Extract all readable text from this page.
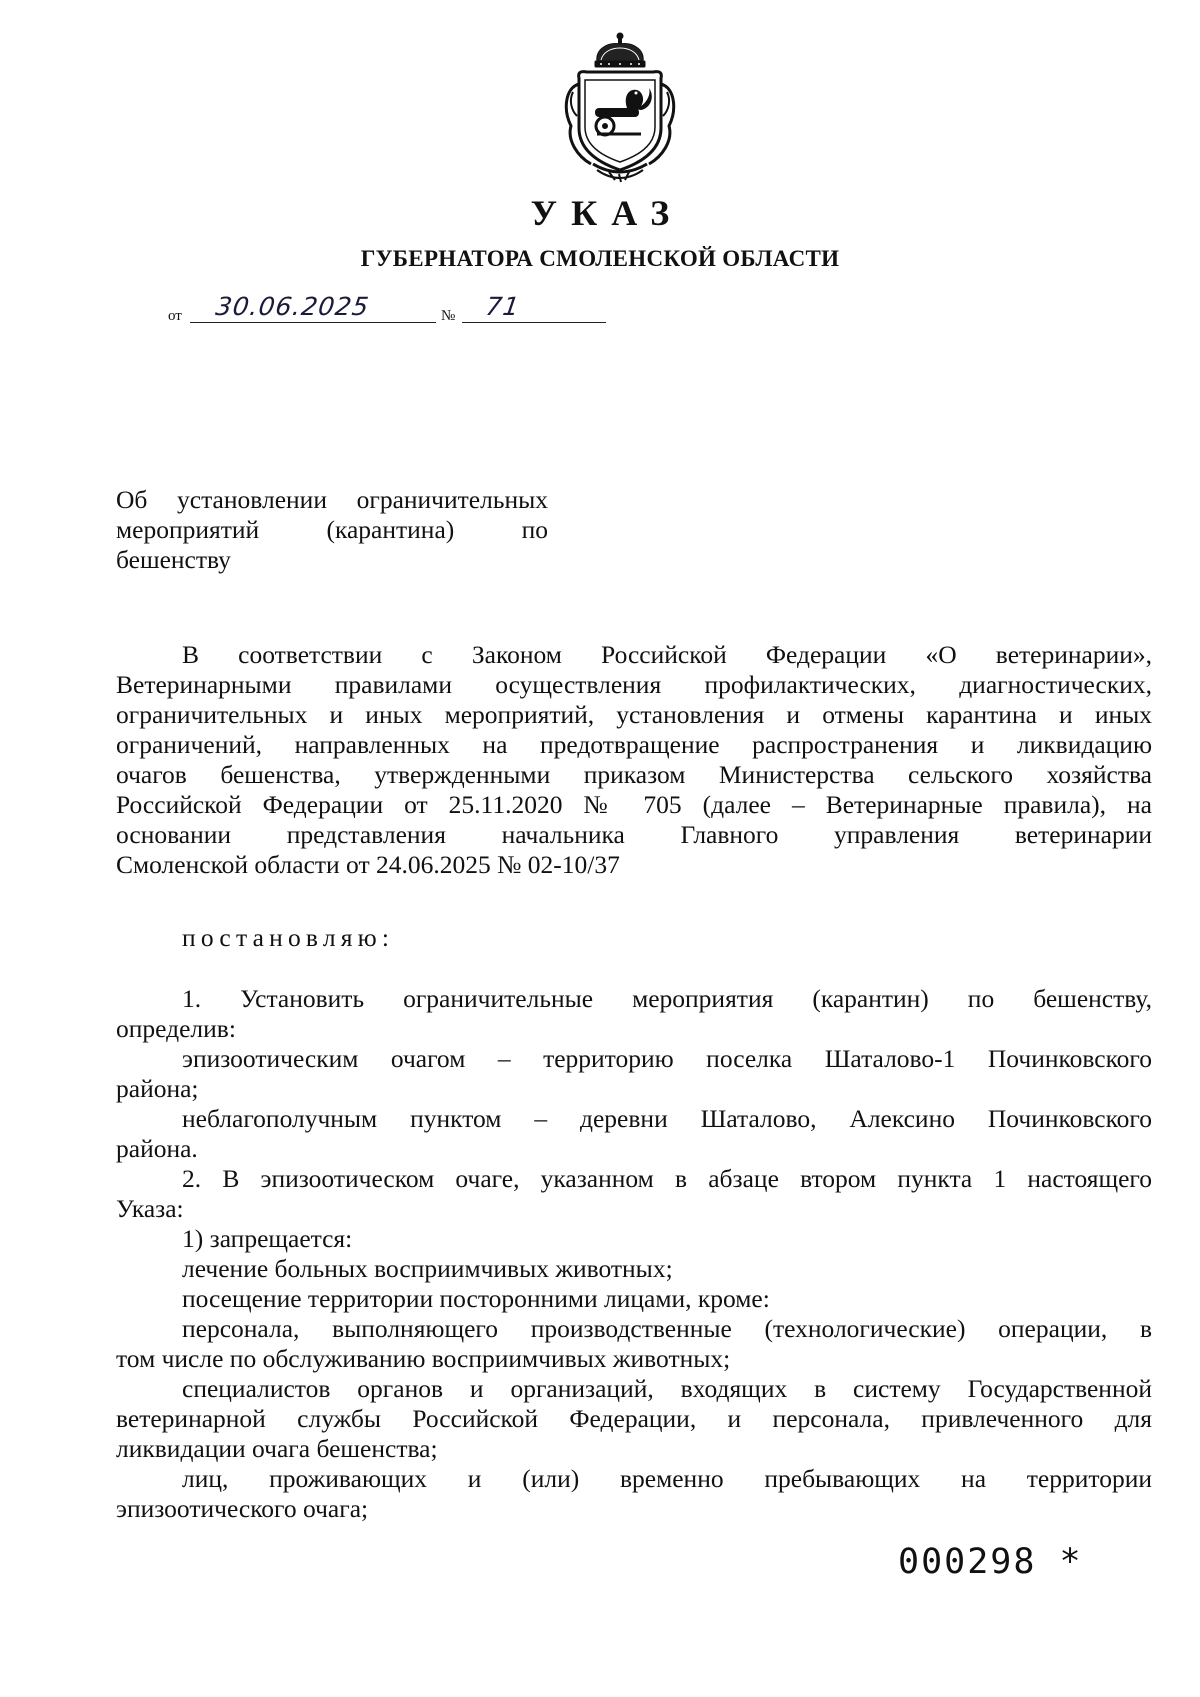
УКАЗ
ГУБЕРНАТОРА СМОЛЕНСКОЙ ОБЛАСТИ
от 30.06.2025	№ 71
Об установлении ограничительных
мероприятий (карантина) по
бешенству
В соответствии с Законом Российской Федерации «О ветеринарии»,
Ветеринарными правилами осуществления профилактических, диагностических,
ограничительных и иных мероприятий, установления и отмены карантина и иных
ограничений, направленных на предотвращение распространения и ликвидацию
очагов бешенства, утвержденными приказом Министерства сельского хозяйства
Российской Федерации от 25.11.2020 № 705 (далее – Ветеринарные правила), на
основании представления начальника Главного управления ветеринарии
Смоленской области от 24.06.2025 № 02-10/37
постановляю:
1. Установить ограничительные мероприятия (карантин) по бешенству,
определив:
эпизоотическим очагом – территорию поселка Шаталово-1 Починковского
района;
неблагополучным пунктом – деревни Шаталово, Алексино Починковского
района.
2. В эпизоотическом очаге, указанном в абзаце втором пункта 1 настоящего
Указа:
1) запрещается:
лечение больных восприимчивых животных;
посещение территории посторонними лицами, кроме:
персонала, выполняющего производственные (технологические) операции, в
том числе по обслуживанию восприимчивых животных;
специалистов органов и организаций, входящих в систему Государственной
ветеринарной службы Российской Федерации, и персонала, привлеченного для
ликвидации очага бешенства;
лиц, проживающих и (или) временно пребывающих на территории
эпизоотического очага;
000298 *
